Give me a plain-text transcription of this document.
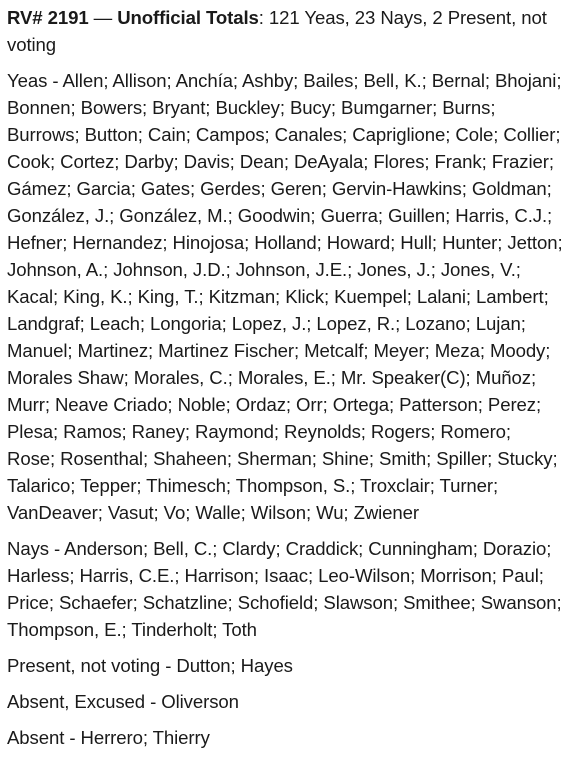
RV# 2191 — Unofficial Totals: 121 Yeas, 23 Nays, 2 Present, not voting

Yeas - Allen; Allison; Anchía; Ashby; Bailes; Bell, K.; Bernal; Bhojani; Bonnen; Bowers; Bryant; Buckley; Bucy; Bumgarner; Burns; Burrows; Button; Cain; Campos; Canales; Capriglione; Cole; Collier; Cook; Cortez; Darby; Davis; Dean; DeAyala; Flores; Frank; Frazier; Gámez; Garcia; Gates; Gerdes; Geren; Gervin-Hawkins; Goldman; González, J.; González, M.; Goodwin; Guerra; Guillen; Harris, C.J.; Hefner; Hernandez; Hinojosa; Holland; Howard; Hull; Hunter; Jetton; Johnson, A.; Johnson, J.D.; Johnson, J.E.; Jones, J.; Jones, V.; Kacal; King, K.; King, T.; Kitzman; Klick; Kuempel; Lalani; Lambert; Landgraf; Leach; Longoria; Lopez, J.; Lopez, R.; Lozano; Lujan; Manuel; Martinez; Martinez Fischer; Metcalf; Meyer; Meza; Moody; Morales Shaw; Morales, C.; Morales, E.; Mr. Speaker(C); Muñoz; Murr; Neave Criado; Noble; Ordaz; Orr; Ortega; Patterson; Perez; Plesa; Ramos; Raney; Raymond; Reynolds; Rogers; Romero; Rose; Rosenthal; Shaheen; Sherman; Shine; Smith; Spiller; Stucky; Talarico; Tepper; Thimesch; Thompson, S.; Troxclair; Turner; VanDeaver; Vasut; Vo; Walle; Wilson; Wu; Zwiener

Nays - Anderson; Bell, C.; Clardy; Craddick; Cunningham; Dorazio; Harless; Harris, C.E.; Harrison; Isaac; Leo-Wilson; Morrison; Paul; Price; Schaefer; Schatzline; Schofield; Slawson; Smithee; Swanson; Thompson, E.; Tinderholt; Toth

Present, not voting - Dutton; Hayes

Absent, Excused - Oliverson

Absent - Herrero; Thierry
